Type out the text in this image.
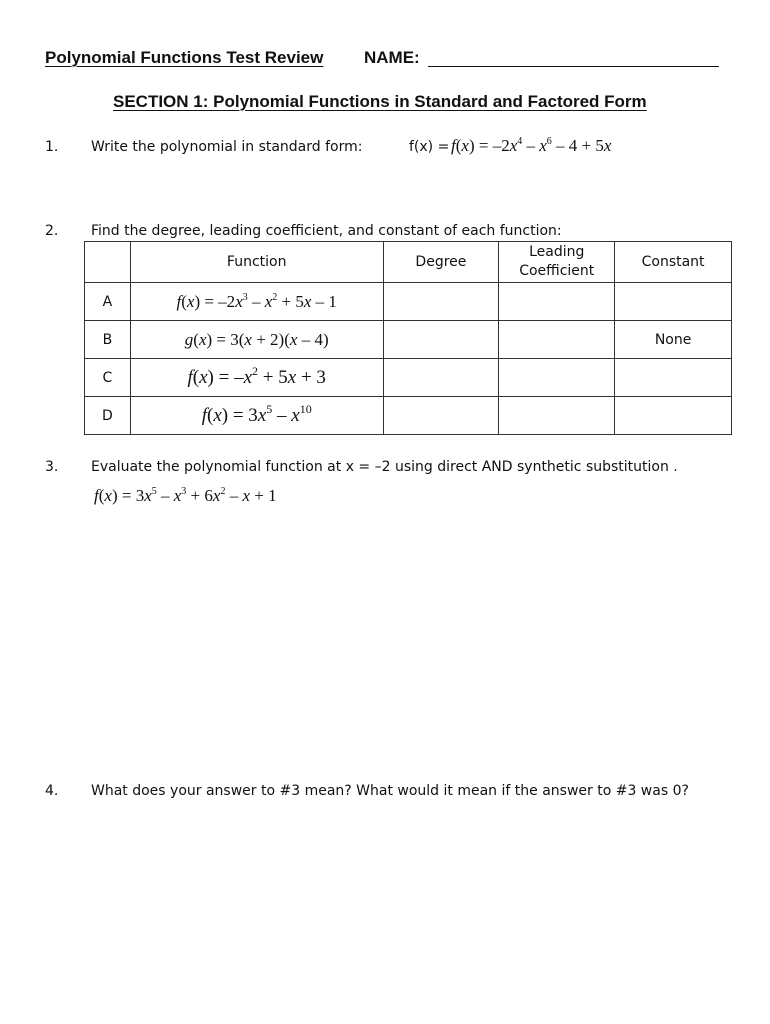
Polynomial Functions Test Review NAME:
SECTION 1: Polynomial Functions in Standard and Factored Form
1. Write the polynomial in standard form:	$f(x) = f(x) = -2x^4 - x^6 - 4 + 5x$
2. Find the degree, leading coefficient, and constant of each function:
	Function	Degree	Leading Coefficient	Constant
A	$f(x) = -2x^3 - x^2 + 5x - 1$			
B	g(x) = 3(x + 2)(x – 4)			None
C	$f(x) = -x^2 + 5x + 3$			
D	$f(x) = 3x^5 - x^{10}$			
3. Evaluate the polynomial function at x = –2 using direct AND synthetic substitution .
$f(x) = 3x^5 - x^3 + 6x^2 - x + 1$
4. What does your answer to #3 mean? What would it mean if the answer to #3 was 0?
